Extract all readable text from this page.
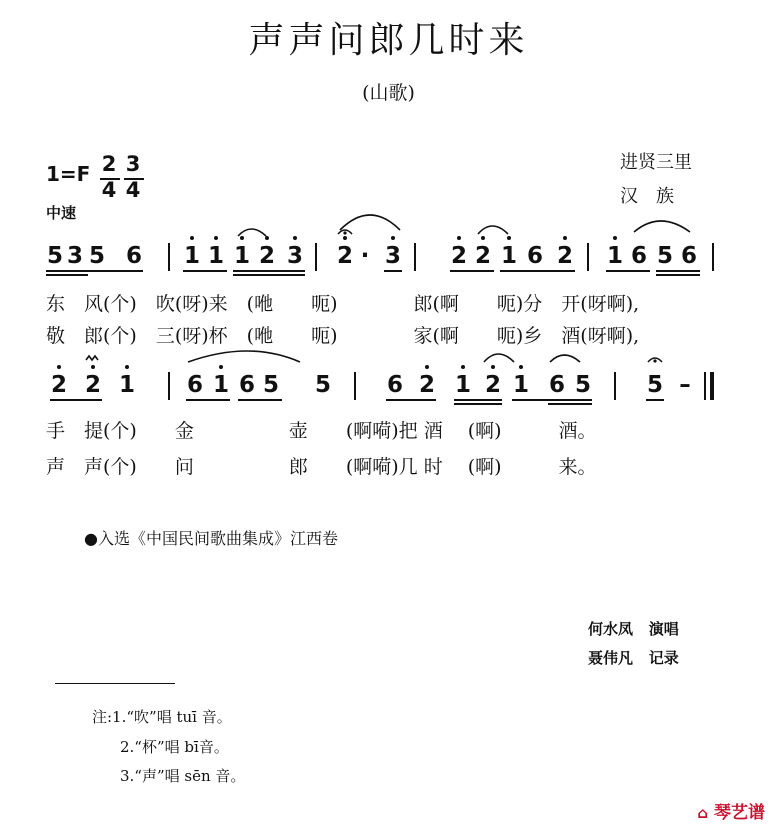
声声问郎几时来
(山歌)
1=F 2
4
3
4
中速
进贤三里
汉　族
5 3 5 6 1 1 1 2 3 2 · 3 2 2 1 6 2 1 6 5 6
东　风(个)　吹(呀)来　(咃　　呃)　　　　郎(啊　　呃)分　开(呀啊),
敬　郎(个)　三(呀)杯　(咃　　呃)　　　　家(啊　　呃)乡　酒(呀啊),
2 2 1 6 1 6 5 5 6 2 1 2 1 6 5 5 –
手　提(个)　　金　　　　　壶　　(啊嗬)把 酒　 (啊)　　　酒。
声　声(个)　　问　　　　　郎　　(啊嗬)几 时　 (啊)　　　来。
●入选《中国民间歌曲集成》江西卷
何水凤 演唱
聂伟凡 记录
注:1.“吹”唱 tuī 音。
2.“杯”唱 bī音。
3.“声”唱 sēn 音。
⌂ 琴艺谱
